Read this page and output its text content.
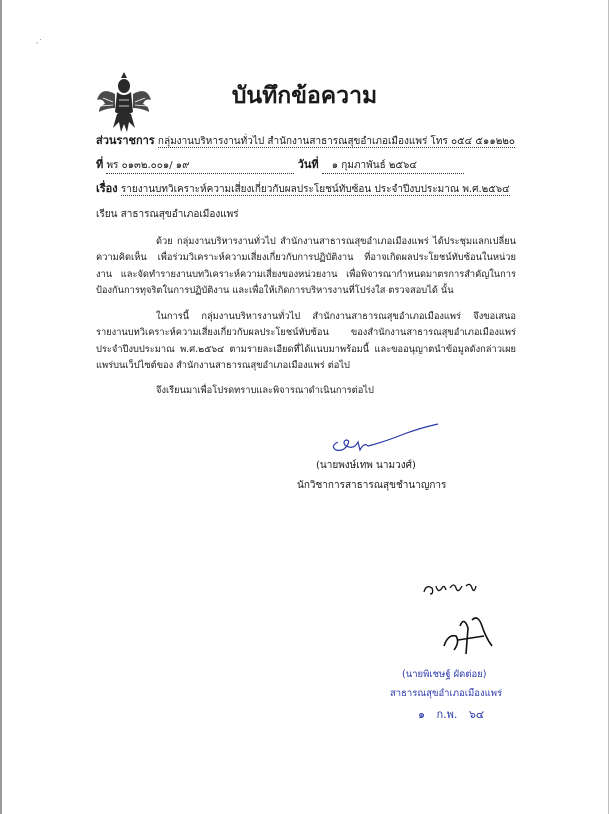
⸱˙
บันทึกข้อความ
ส่วนราชการ กลุ่มงานบริหารงานทั่วไป สำนักงานสาธารณสุขอำเภอเมืองแพร่ โทร ๐๕๔ ๕๑๑๒๒๐
ที่ พร ๐๑๓๒.๐๐๑/ ๑๙	วันที่ ๑ กุมภาพันธ์ ๒๕๖๔
เรื่อง รายงานบทวิเคราะห์ความเสี่ยงเกี่ยวกับผลประโยชน์ทับซ้อน ประจำปีงบประมาณ พ.ศ.๒๕๖๔
เรียน สาธารณสุขอำเภอเมืองแพร่
ด้วย กลุ่มงานบริหารงานทั่วไป สำนักงานสาธารณสุขอำเภอเมืองแพร่ ได้ประชุมแลกเปลี่ยนความคิดเห็น เพื่อร่วมวิเคราะห์ความเสี่ยงเกี่ยวกับการปฏิบัติงาน ที่อาจเกิดผลประโยชน์ทับซ้อนในหน่วยงาน และจัดทำรายงานบทวิเคราะห์ความเสี่ยงของหน่วยงาน เพื่อพิจารณากำหนดมาตรการสำคัญในการป้องกันการทุจริตในการปฏิบัติงาน และเพื่อให้เกิดการบริหารงานที่โปร่งใส ตรวจสอบได้ นั้น
ในการนี้ กลุ่มงานบริหารงานทั่วไป สำนักงานสาธารณสุขอำเภอเมืองแพร่ จึงขอเสนอรายงานบทวิเคราะห์ความเสี่ยงเกี่ยวกับผลประโยชน์ทับซ้อน ของสำนักงานสาธารณสุขอำเภอเมืองแพร่ ประจำปีงบประมาณ พ.ศ.๒๕๖๔ ตามรายละเอียดที่ได้แนบมาพร้อมนี้ และขออนุญาตนำข้อมูลดังกล่าวเผยแพร่บนเว็ปไซต์ของ สำนักงานสาธารณสุขอำเภอเมืองแพร่ ต่อไป
จึงเรียนมาเพื่อโปรดทราบและพิจารณาดำเนินการต่อไป
(นายพงษ์เทพ นามวงศ์)
นักวิชาการสาธารณสุขชำนาญการ
(นายพิเชษฐ์ ผัดต่อย)
สาธารณสุขอำเภอเมืองแพร่
๑ ก.พ. ๖๔
